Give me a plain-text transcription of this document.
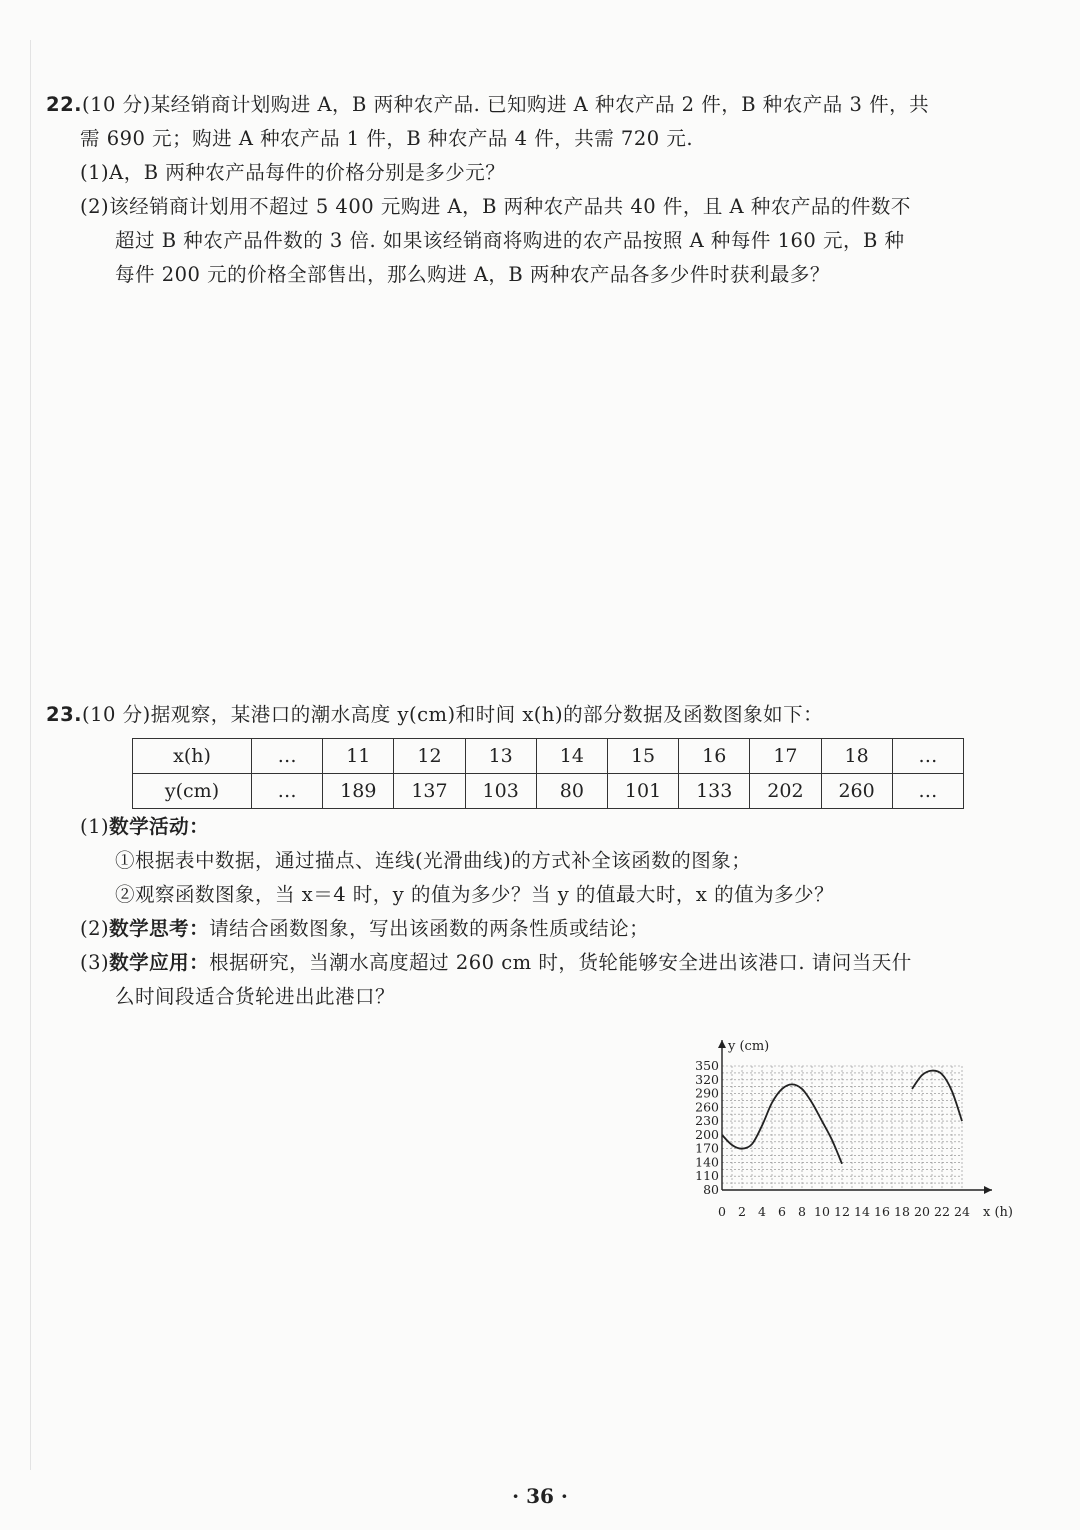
22.(10 分)某经销商计划购进 A，B 两种农产品. 已知购进 A 种农产品 2 件，B 种农产品 3 件，共
需 690 元；购进 A 种农产品 1 件，B 种农产品 4 件，共需 720 元.
(1)A，B 两种农产品每件的价格分别是多少元？
(2)该经销商计划用不超过 5 400 元购进 A，B 两种农产品共 40 件，且 A 种农产品的件数不
超过 B 种农产品件数的 3 倍. 如果该经销商将购进的农产品按照 A 种每件 160 元，B 种
每件 200 元的价格全部售出，那么购进 A，B 两种农产品各多少件时获利最多？
23.(10 分)据观察，某港口的潮水高度 y(cm)和时间 x(h)的部分数据及函数图象如下：
x(h)	…	11	12	13	14	15	16	17	18	…
y(cm)	…	189	137	103	80	101	133	202	260	…
(1)数学活动：
①根据表中数据，通过描点、连线(光滑曲线)的方式补全该函数的图象；
②观察函数图象，当 x＝4 时，y 的值为多少？当 y 的值最大时，x 的值为多少？
(2)数学思考：请结合函数图象，写出该函数的两条性质或结论；
(3)数学应用：根据研究，当潮水高度超过 260 cm 时，货轮能够安全进出该港口. 请问当天什
么时间段适合货轮进出此港口？
0 2 4 6 8 10 12 14 16 18 20 22 24
350
320
290
260
230
200
170
140
110
80
y (cm)
x (h)
· 36 ·
